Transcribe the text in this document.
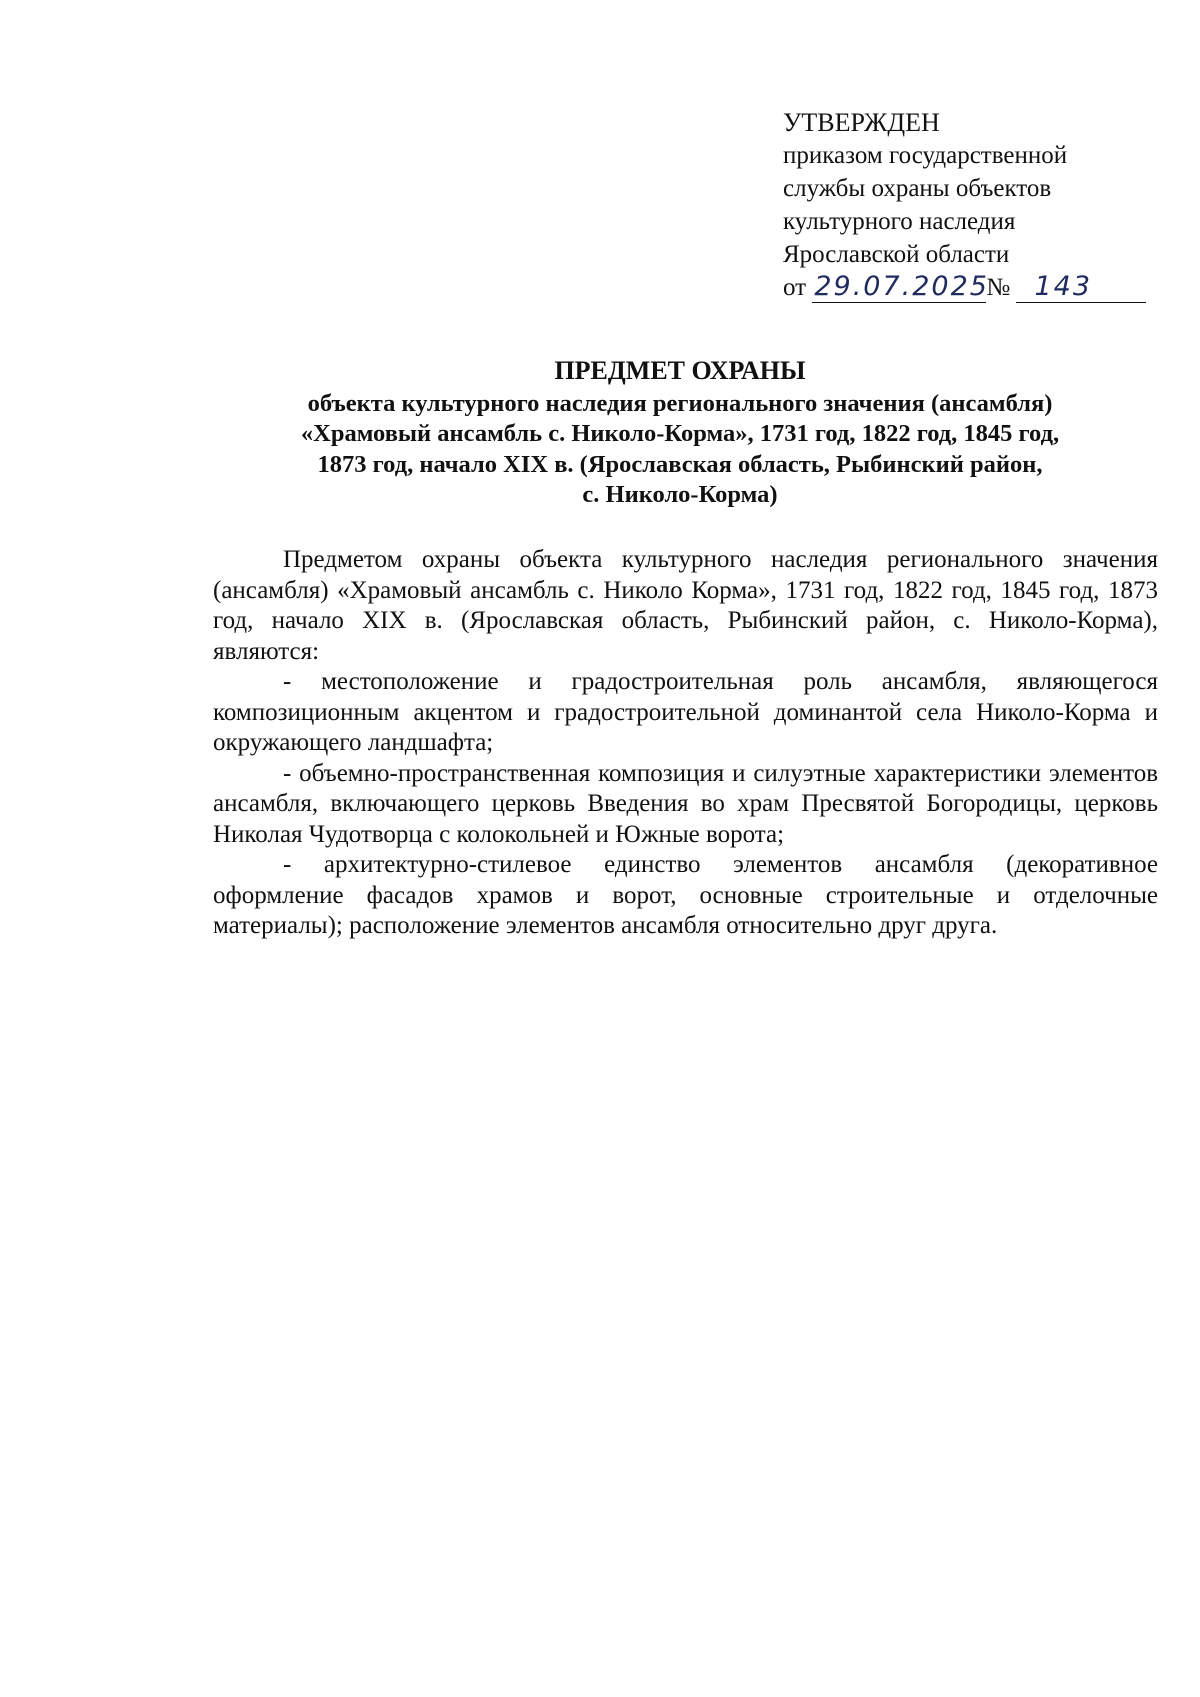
УТВЕРЖДЕН
приказом государственной
службы охраны объектов
культурного наследия
Ярославской области
от 29.07.2025№ 143
ПРЕДМЕТ ОХРАНЫ
объекта культурного наследия регионального значения (ансамбля)
«Храмовый ансамбль с. Николо-Корма», 1731 год, 1822 год, 1845 год,
1873 год, начало XIX в. (Ярославская область, Рыбинский район,
с. Николо-Корма)

Предметом охраны объекта культурного наследия регионального значения (ансамбля) «Храмовый ансамбль с. Николо Корма», 1731 год, 1822 год, 1845 год, 1873 год, начало XIX в. (Ярославская область, Рыбинский район, с. Николо-Корма), являются:

- местоположение и градостроительная роль ансамбля, являющегося композиционным акцентом и градостроительной доминантой села Николо-Корма и окружающего ландшафта;

- объемно-пространственная композиция и силуэтные характеристики элементов ансамбля, включающего церковь Введения во храм Пресвятой Богородицы, церковь Николая Чудотворца с колокольней и Южные ворота;

- архитектурно-стилевое единство элементов ансамбля (декоративное оформление фасадов храмов и ворот, основные строительные и отделочные материалы); расположение элементов ансамбля относительно друг друга.
